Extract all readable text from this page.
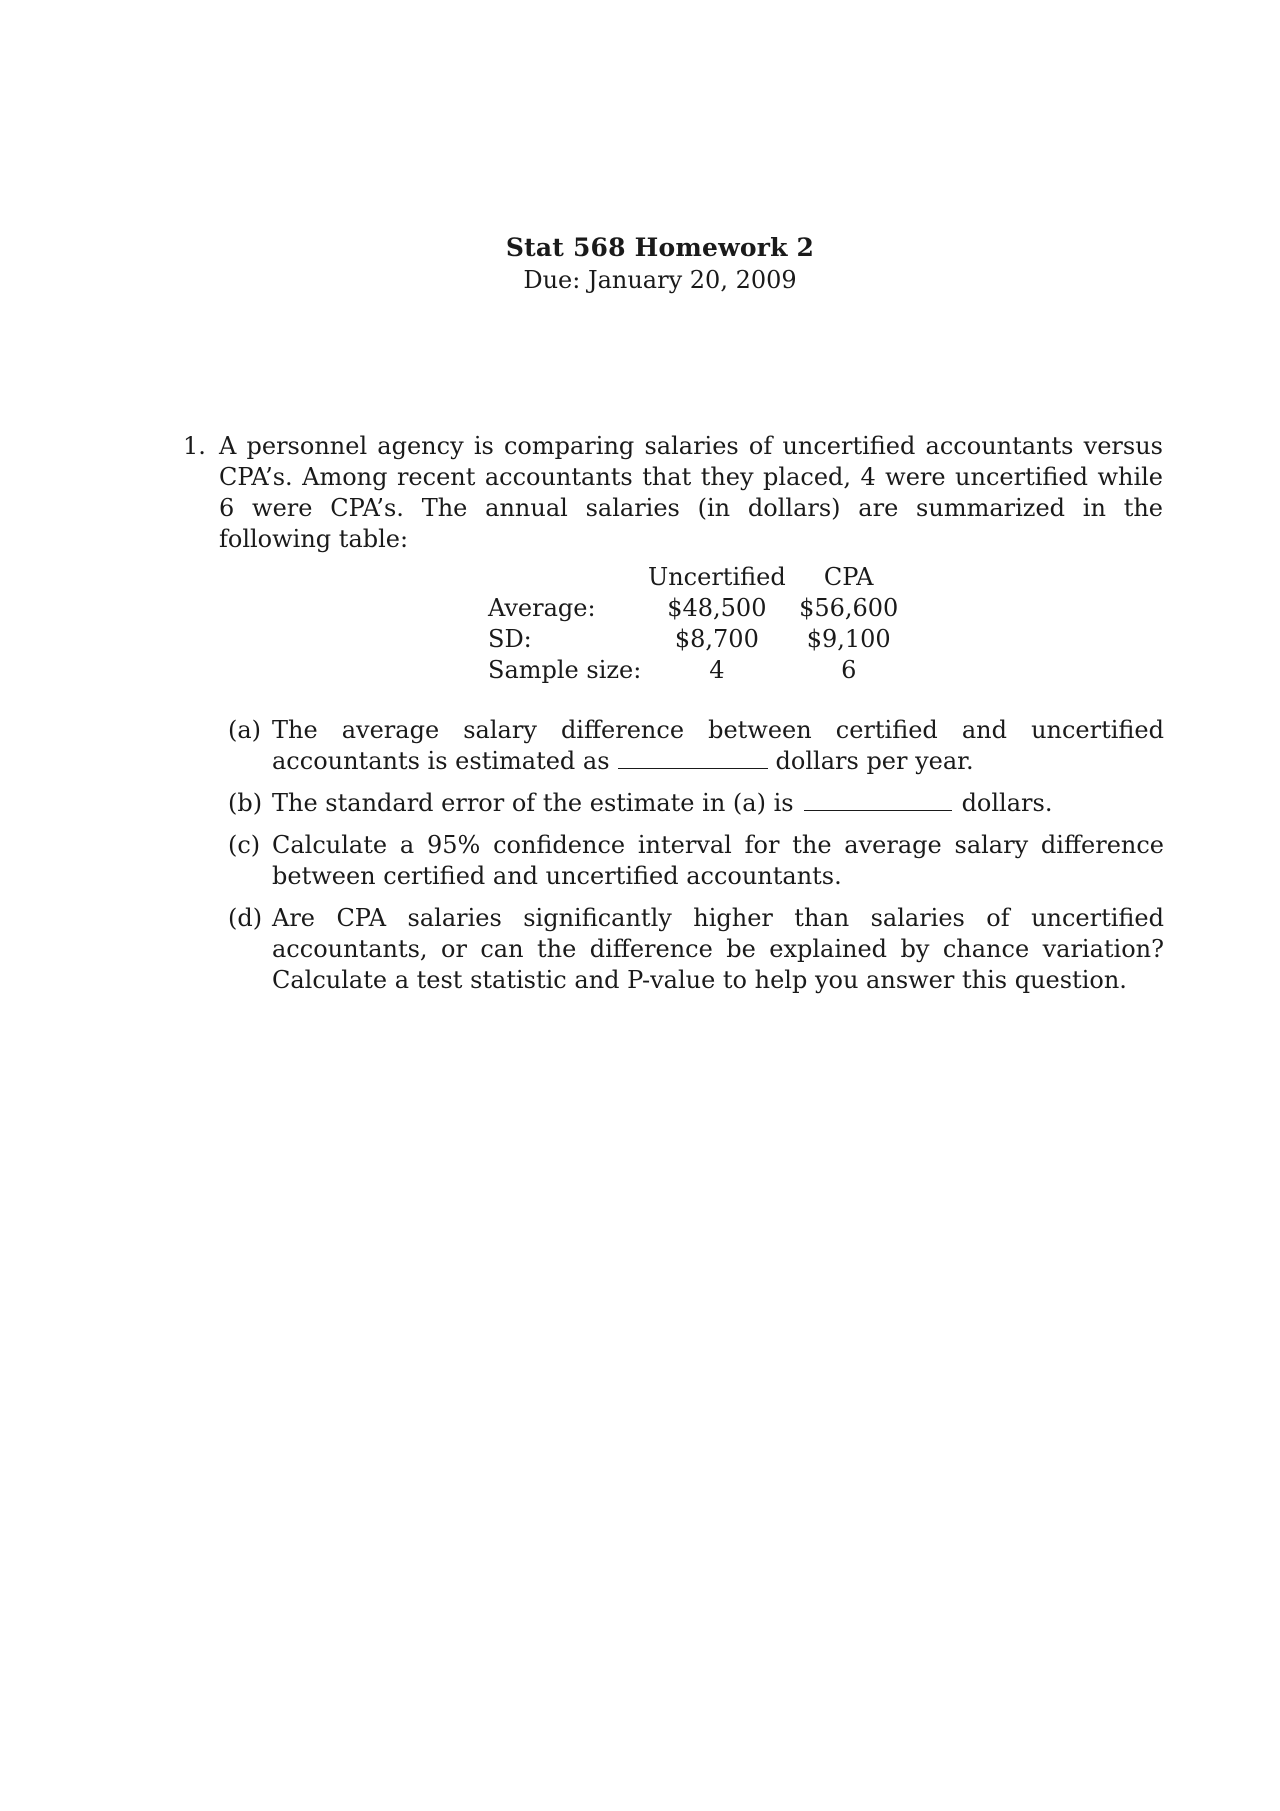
Stat 568 Homework 2
Due: January 20, 2009
1. A personnel agency is comparing salaries of uncertified accountants versus CPA’s. Among recent accountants that they placed, 4 were uncertified while 6 were CPA’s. The annual salaries (in dollars) are summarized in the following table:
	Uncertified	CPA
Average:	$48,500	$56,600
SD:	$8,700	$9,100
Sample size:	4	6
(a) The average salary difference between certified and uncertified accountants is estimated as	dollars per year.
(b) The standard error of the estimate in (a) is	dollars.
(c) Calculate a 95% confidence interval for the average salary difference between certified and uncertified accountants.
(d) Are CPA salaries significantly higher than salaries of uncertified accountants, or can the difference be explained by chance variation? Calculate a test statistic and P-value to help you answer this question.
